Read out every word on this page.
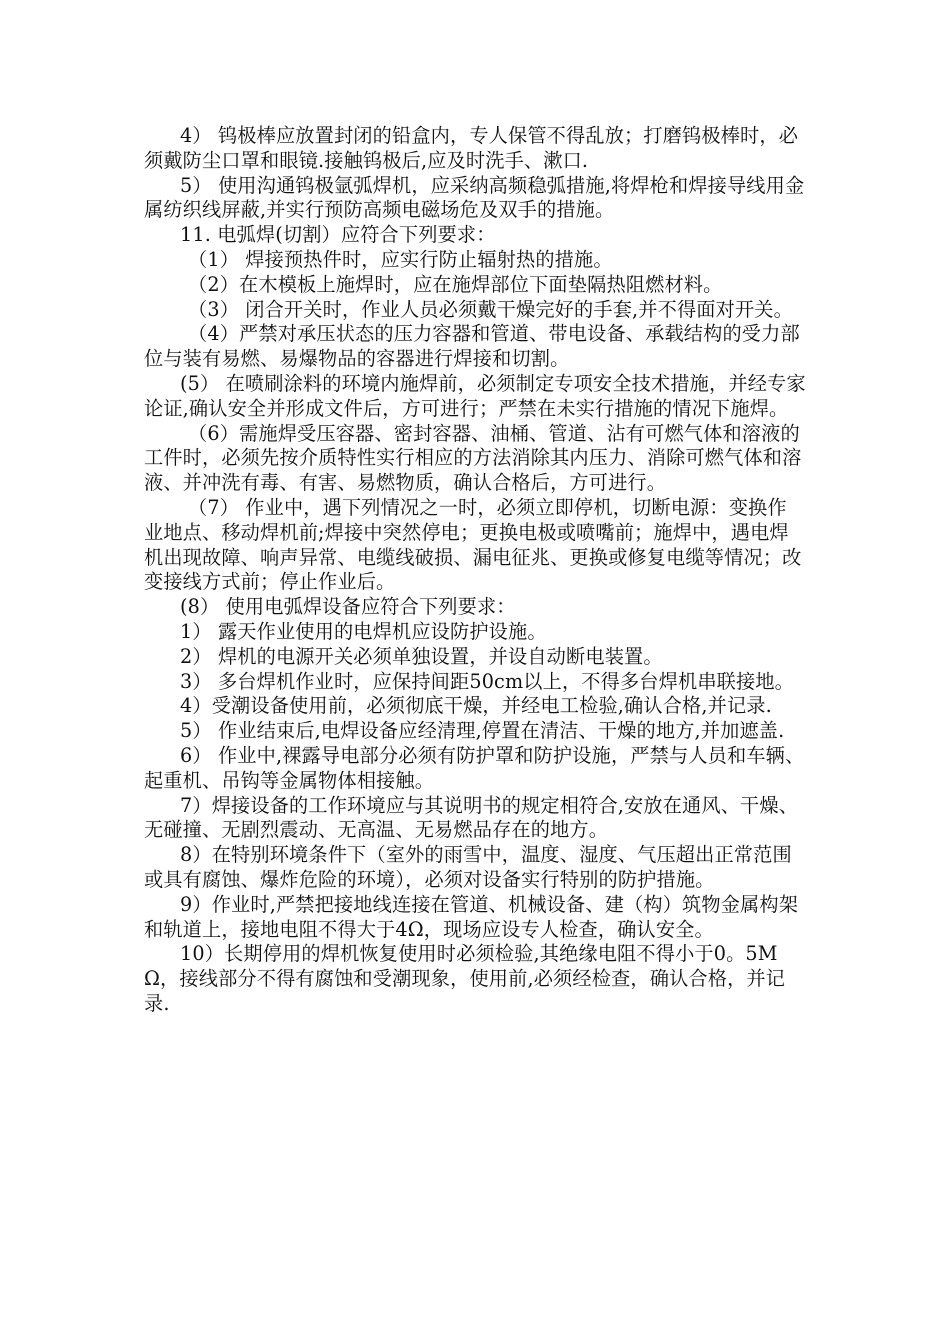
4） 钨极棒应放置封闭的铅盒内，专人保管不得乱放；打磨钨极棒时，必须戴防尘口罩和眼镜.接触钨极后,应及时洗手、漱口.

5） 使用沟通钨极氩弧焊机，应采纳高频稳弧措施,将焊枪和焊接导线用金属纺织线屏蔽,并实行预防高频电磁场危及双手的措施。

11. 电弧焊(切割）应符合下列要求：

（1） 焊接预热件时，应实行防止辐射热的措施。

（2）在木模板上施焊时，应在施焊部位下面垫隔热阻燃材料。

（3） 闭合开关时，作业人员必须戴干燥完好的手套,并不得面对开关。

（4）严禁对承压状态的压力容器和管道、带电设备、承载结构的受力部位与装有易燃、易爆物品的容器进行焊接和切割。

(5） 在喷刷涂料的环境内施焊前，必须制定专项安全技术措施，并经专家论证,确认安全并形成文件后，方可进行；严禁在未实行措施的情况下施焊。

（6）需施焊受压容器、密封容器、油桶、管道、沾有可燃气体和溶液的工件时，必须先按介质特性实行相应的方法消除其内压力、消除可燃气体和溶液、并冲洗有毒、有害、易燃物质，确认合格后，方可进行。

（7） 作业中，遇下列情况之一时，必须立即停机，切断电源：变换作业地点、移动焊机前;焊接中突然停电；更换电极或喷嘴前；施焊中，遇电焊机出现故障、响声异常、电缆线破损、漏电征兆、更换或修复电缆等情况；改变接线方式前；停止作业后。

(8） 使用电弧焊设备应符合下列要求：

1） 露天作业使用的电焊机应设防护设施。

2） 焊机的电源开关必须单独设置，并设自动断电装置。

3） 多台焊机作业时，应保持间距50cm以上，不得多台焊机串联接地。

4）受潮设备使用前，必须彻底干燥，并经电工检验,确认合格,并记录.

5） 作业结束后,电焊设备应经清理,停置在清洁、干燥的地方,并加遮盖.

6） 作业中,裸露导电部分必须有防护罩和防护设施，严禁与人员和车辆、起重机、吊钩等金属物体相接触。

7）焊接设备的工作环境应与其说明书的规定相符合,安放在通风、干燥、无碰撞、无剧烈震动、无高温、无易燃品存在的地方。

8）在特别环境条件下（室外的雨雪中，温度、湿度、气压超出正常范围或具有腐蚀、爆炸危险的环境），必须对设备实行特别的防护措施。

9）作业时,严禁把接地线连接在管道、机械设备、建（构）筑物金属构架和轨道上，接地电阻不得大于4Ω，现场应设专人检查，确认安全。

10）长期停用的焊机恢复使用时必须检验,其绝缘电阻不得小于0。5MΩ，接线部分不得有腐蚀和受潮现象，使用前,必须经检查，确认合格，并记录.
